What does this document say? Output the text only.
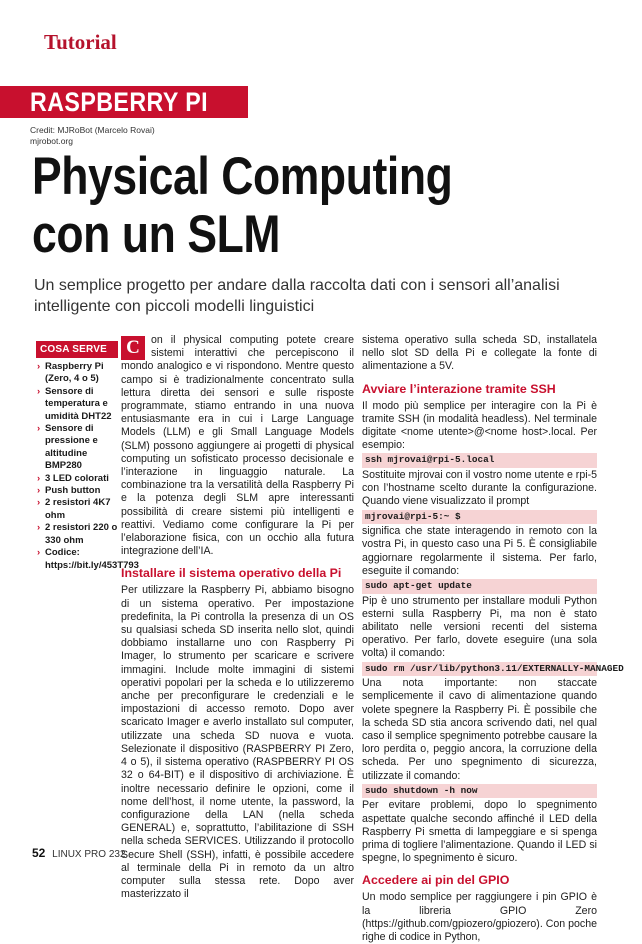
Tutorial
RASPBERRY PI
Credit: MJRoBot (Marcelo Rovai)
mjrobot.org
Physical Computing
con un SLM
Un semplice progetto per andare dalla raccolta dati con i sensori all’analisi intelligente con piccoli modelli linguistici
COSA SERVE
› Raspberry Pi (Zero, 4 o 5)
› Sensore di temperatura e umidità DHT22
› Sensore di pressione e altitudine BMP280
› 3 LED colorati
› Push button
› 2 resistori 4K7 ohm
› 2 resistori 220 o 330 ohm
› Codice: https://bit.ly/453T793

C	on il physical computing potete creare sistemi interattivi che percepiscono il mondo analogico e vi rispondono. Mentre questo campo si è tradizionalmente concentrato sulla lettura diretta dei sensori e sulle risposte programmate, stiamo entrando in una nuova entusiasmante era in cui i Large Language Models (LLM) e gli Small Language Models (SLM) possono aggiungere ai progetti di physical computing un sofisticato processo decisionale e l’interazione in linguaggio naturale. La combinazione tra la versatilità della Raspberry Pi e la potenza degli SLM apre interessanti possibilità di creare sistemi più intelligenti e reattivi. Vediamo come configurare la Pi per l’elaborazione fisica, con un occhio alla futura integrazione dell’IA.

Installare il sistema operativo della Pi

Per utilizzare la Raspberry Pi, abbiamo bisogno di un sistema operativo. Per impostazione predefinita, la Pi controlla la presenza di un OS su qualsiasi scheda SD inserita nello slot, quindi dobbiamo installarne uno con Raspberry Pi Imager, lo strumento per scaricare e scrivere immagini. Include molte immagini di sistemi operativi popolari per la scheda e lo utilizzeremo anche per preconfigurare le credenziali e le impostazioni di accesso remoto. Dopo aver scaricato Imager e averlo installato sul computer, utilizzate una scheda SD nuova e vuota. Selezionate il dispositivo (RASPBERRY PI Zero, 4 o 5), il sistema operativo (RASPBERRY PI OS 32 o 64-BIT) e il dispositivo di archiviazione. È inoltre necessario definire le opzioni, come il nome dell’host, il nome utente, la password, la configurazione della LAN (nella scheda GENERAL) e, soprattutto, l’abilitazione di SSH nella scheda SERVICES. Utilizzando il protocollo Secure Shell (SSH), infatti, è possibile accedere al terminale della Pi in remoto da un altro computer sulla stessa rete. Dopo aver masterizzato il

sistema operativo sulla scheda SD, installatela nello slot SD della Pi e collegate la fonte di alimentazione a 5V.

Avviare l’interazione tramite SSH

Il modo più semplice per interagire con la Pi è tramite SSH (in modalità headless). Nel terminale digitate <nome utente>@<nome host>.local. Per esempio:

ssh mjrovai@rpi-5.local

Sostituite mjrovai con il vostro nome utente e rpi-5 con l’hostname scelto durante la configurazione. Quando viene visualizzato il prompt

mjrovai@rpi-5:~ $

significa che state interagendo in remoto con la vostra Pi, in questo caso una Pi 5. È consigliabile aggiornare regolarmente il sistema. Per farlo, eseguite il comando:

sudo apt-get update

Pip è uno strumento per installare moduli Python esterni sulla Raspberry Pi, ma non è stato abilitato nelle versioni recenti del sistema operativo. Per farlo, dovete eseguire (una sola volta) il comando:

sudo rm /usr/lib/python3.11/EXTERNALLY-MANAGED

Una nota importante: non staccate semplicemente il cavo di alimentazione quando volete spegnere la Raspberry Pi. È possibile che la scheda SD stia ancora scrivendo dati, nel qual caso il semplice spegnimento potrebbe causare la loro perdita o, peggio ancora, la corruzione della scheda. Per uno spegnimento di sicurezza, utilizzate il comando:

sudo shutdown -h now

Per evitare problemi, dopo lo spegnimento aspettate qualche secondo affinché il LED della Raspberry Pi smetta di lampeggiare e si spenga prima di togliere l’alimentazione. Quando il LED si spegne, lo spegnimento è sicuro.

Accedere ai pin del GPIO

Un modo semplice per raggiungere i pin GPIO è la libreria GPIO Zero (https://github.com/gpiozero/gpiozero). Con poche righe di codice in Python,

52 LINUX PRO 232
